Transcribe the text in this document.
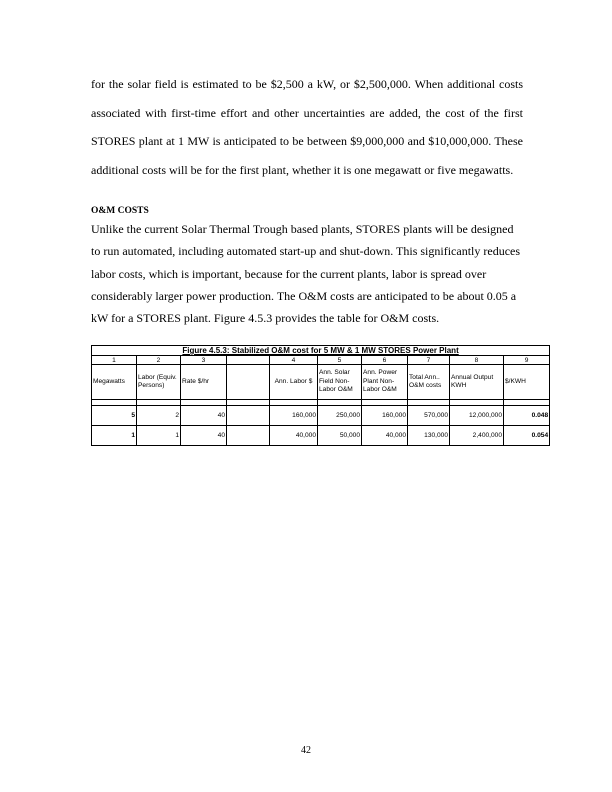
for the solar field is estimated to be $2,500 a kW, or $2,500,000. When additional costs associated with first-time effort and other uncertainties are added, the cost of the first STORES plant at 1 MW is anticipated to be between $9,000,000 and $10,000,000. These additional costs will be for the first plant, whether it is one megawatt or five megawatts.

O&M COSTS

Unlike the current Solar Thermal Trough based plants, STORES plants will be designed to run automated, including automated start-up and shut-down. This significantly reduces labor costs, which is important, because for the current plants, labor is spread over considerably larger power production. The O&M costs are anticipated to be about 0.05 a kW for a STORES plant. Figure 4.5.3 provides the table for O&M costs.

Figure 4.5.3: Stabilized O&M cost for 5 MW & 1 MW STORES Power Plant									
1	2	3		4	5	6	7	8	9
Megawatts	Labor (Equiv. Persons)	Rate $/hr		Ann. Labor $	Ann. Solar Field Non-Labor O&M	Ann. Power Plant Non-Labor O&M	Total Ann.. O&M costs	Annual Output KWH	$/KWH

5	2	40		160,000	250,000	160,000	570,000	12,000,000	0.048
1	1	40		40,000	50,000	40,000	130,000	2,400,000	0.054
42
